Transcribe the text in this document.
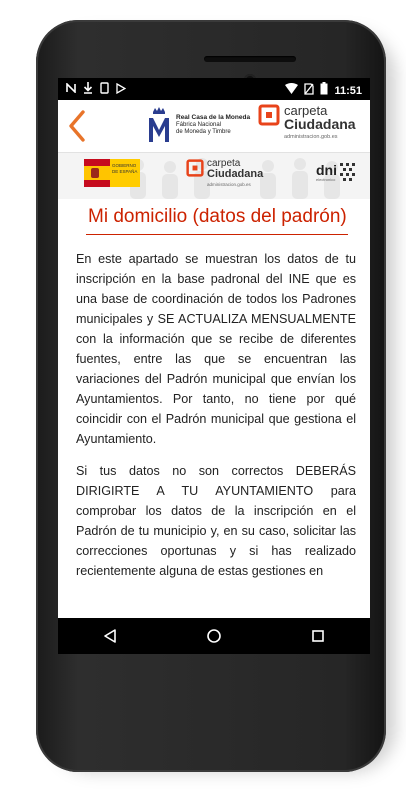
11:51
Real Casa de la Moneda
Fábrica Nacional
de Moneda y Timbre
carpeta
Ciudadana
administracion.gob.es
GOBIERNO DE ESPAÑA
carpeta
Ciudadana
administracion.gob.es
dni
electronico
Mi domicilio (datos del padrón)

En este apartado se muestran los datos de tu inscripción en la base padronal del INE que es una base de coordinación de todos los Padrones municipales y SE ACTUALIZA MENSUALMENTE con la información que se recibe de diferentes fuentes, entre las que se encuentran las variaciones del Padrón municipal que envían los Ayuntamientos. Por tanto, no tiene por qué coincidir con el Padrón municipal que gestiona el Ayuntamiento.

Si tus datos no son correctos DEBERÁS DIRIGIRTE A TU AYUNTAMIENTO para comprobar los datos de la inscripción en el Padrón de tu municipio y, en su caso, solicitar las correcciones oportunas y si has realizado recientemente alguna de estas gestiones en
